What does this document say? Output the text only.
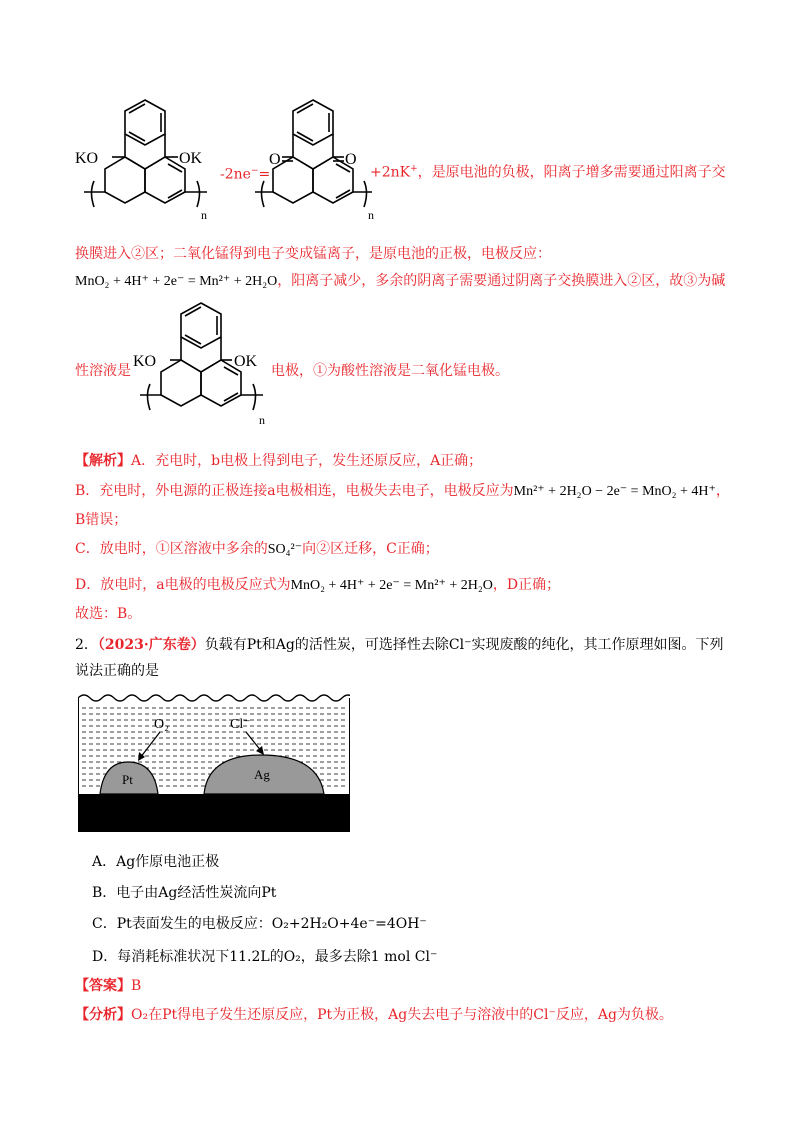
KO	OK
n
-2ne−=
O	O
n
+2nK+，是原电池的负极，阳离子增多需要通过阳离子交
换膜进入②区；二氧化锰得到电子变成锰离子，是原电池的正极，电极反应：
MnO₂ + 4H⁺ + 2e⁻ = Mn²⁺ + 2H₂O，阳离子减少，多余的阴离子需要通过阴离子交换膜进入②区，故③为碱
性溶液是
KO	OK
n
电极，①为酸性溶液是二氧化锰电极。
【解析】A．充电时，b电极上得到电子，发生还原反应，A正确；
B．充电时，外电源的正极连接a电极相连，电极失去电子，电极反应为Mn²⁺ + 2H₂O − 2e⁻ = MnO₂ + 4H⁺，
B错误；
C．放电时，①区溶液中多余的SO₄²⁻向②区迁移，C正确；
D．放电时，a电极的电极反应式为MnO₂ + 4H⁺ + 2e⁻ = Mn²⁺ + 2H₂O，D正确；
故选：B。
2．（2023·广东卷）负载有Pt和Ag的活性炭，可选择性去除Cl⁻实现废酸的纯化，其工作原理如图。下列
说法正确的是
O₂	Cl⁻
Pt	Ag
A．Ag作原电池正极
B．电子由Ag经活性炭流向Pt
C．Pt表面发生的电极反应：O₂+2H₂O+4e⁻=4OH⁻
D．每消耗标准状况下11.2L的O₂，最多去除1 mol Cl⁻
【答案】B
【分析】O₂在Pt得电子发生还原反应，Pt为正极，Ag失去电子与溶液中的Cl⁻反应，Ag为负极。
